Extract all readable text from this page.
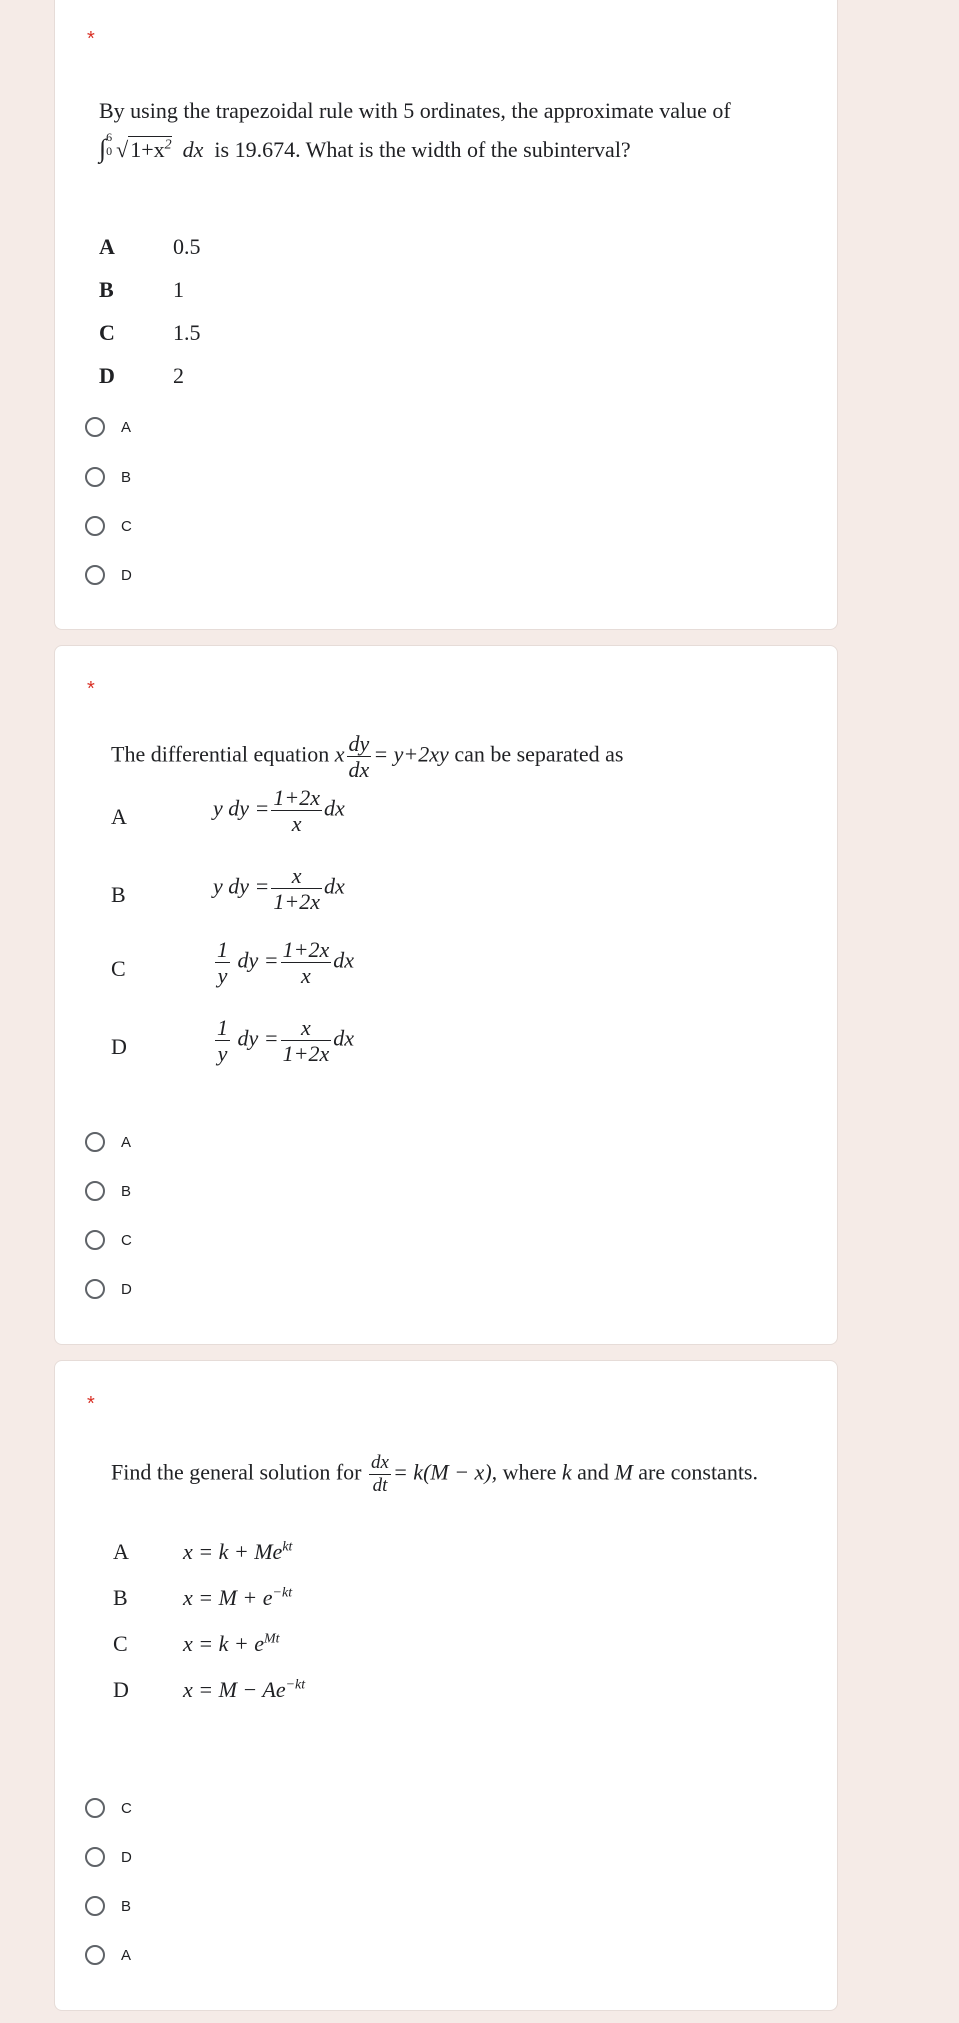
*
By using the trapezoidal rule with 5 ordinates, the approximate value of
∫ 6
0 $√1+x^2$ dx is 19.674. What is the width of the subinterval?
A	0.5
B	1
C	1.5
D	2
A
B
C
D
*
The differential equation x $\frac{dy}{dx} = y+2xy$ can be separated as
A	y dy = $\frac{1+2x}{x}$ dx
B	y dy = $\frac{x}{1+2x}$ dx
C	$\frac{1}{y}$ dy = $\frac{1+2x}{x}$ dx
D	$\frac{1}{y}$ dy = $\frac{x}{1+2x}$ dx
A
B
C
D
*
Find the general solution for $\frac{dx}{dt} = k(M - x)$, where k and M are constants.
A $x = k + Me^{kt}$
B	$x = M + e^{-kt}$
C	$x = k + e^{Mt}$
D $x = M - Ae^{-kt}$
C
D
B
A
